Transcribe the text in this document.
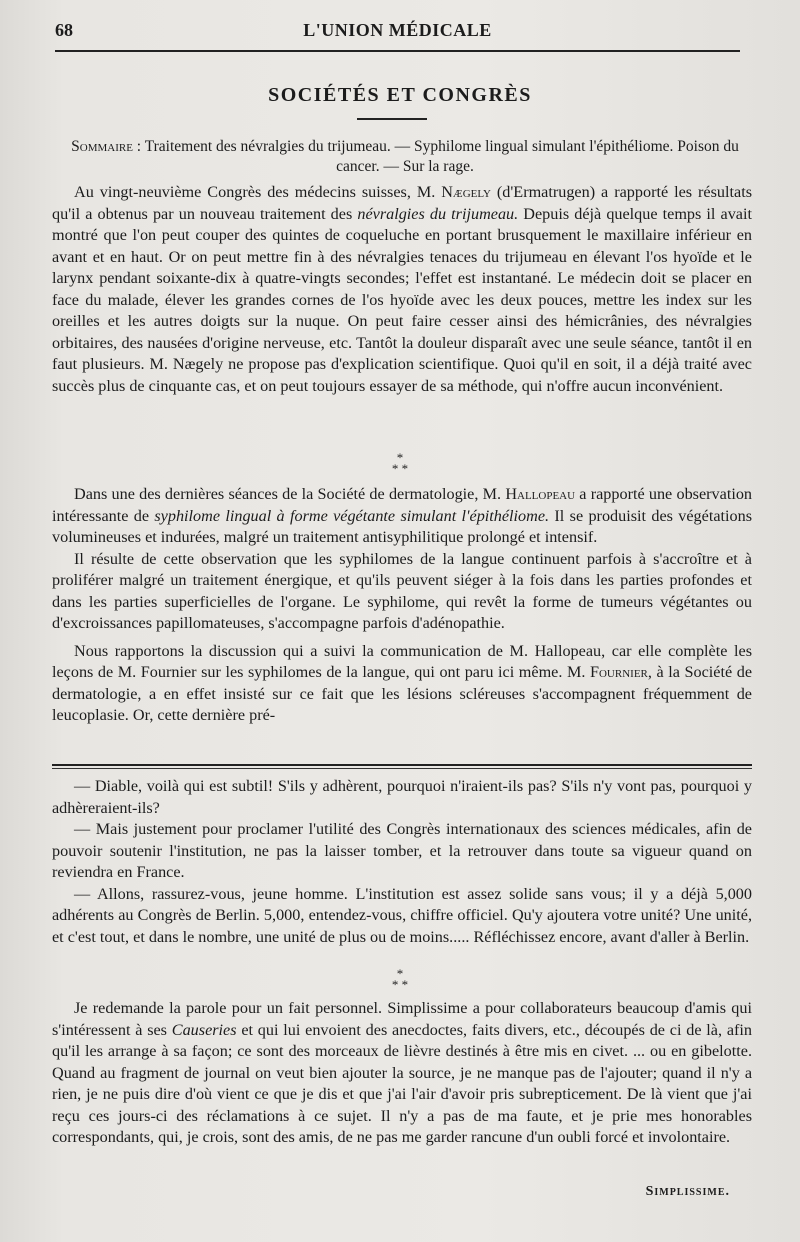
68	L'UNION MÉDICALE
SOCIÉTÉS ET CONGRÈS
Sommaire : Traitement des névralgies du trijumeau. — Syphilome lingual simulant l'épithéliome. Poison du cancer. — Sur la rage.

Au vingt-neuvième Congrès des médecins suisses, M. Nægely (d'Ermatrugen) a rapporté les résultats qu'il a obtenus par un nouveau traitement des névralgies du trijumeau. Depuis déjà quelque temps il avait montré que l'on peut couper des quintes de coqueluche en portant brusquement le maxillaire inférieur en avant et en haut. Or on peut mettre fin à des névralgies tenaces du trijumeau en élevant l'os hyoïde et le larynx pendant soixante-dix à quatre-vingts secondes; l'effet est instantané. Le médecin doit se placer en face du malade, élever les grandes cornes de l'os hyoïde avec les deux pouces, mettre les index sur les oreilles et les autres doigts sur la nuque. On peut faire cesser ainsi des hémicrânies, des névralgies orbitaires, des nausées d'origine nerveuse, etc. Tantôt la douleur disparaît avec une seule séance, tantôt il en faut plusieurs. M. Nægely ne propose pas d'explication scientifique. Quoi qu'il en soit, il a déjà traité avec succès plus de cinquante cas, et on peut toujours essayer de sa méthode, qui n'offre aucun inconvénient.

*
* *

Dans une des dernières séances de la Société de dermatologie, M. Hallopeau a rapporté une observation intéressante de syphilome lingual à forme végétante simulant l'épithéliome. Il se produisit des végétations volumineuses et indurées, malgré un traitement antisyphilitique prolongé et intensif.

Il résulte de cette observation que les syphilomes de la langue continuent parfois à s'accroître et à proliférer malgré un traitement énergique, et qu'ils peuvent siéger à la fois dans les parties profondes et dans les parties superficielles de l'organe. Le syphilome, qui revêt la forme de tumeurs végétantes ou d'excroissances papillomateuses, s'accompagne parfois d'adénopathie.

Nous rapportons la discussion qui a suivi la communication de M. Hallopeau, car elle complète les leçons de M. Fournier sur les syphilomes de la langue, qui ont paru ici même. M. Fournier, à la Société de dermatologie, a en effet insisté sur ce fait que les lésions scléreuses s'accompagnent fréquemment de leucoplasie. Or, cette dernière pré-

— Diable, voilà qui est subtil! S'ils y adhèrent, pourquoi n'iraient-ils pas? S'ils n'y vont pas, pourquoi y adhèreraient-ils?

— Mais justement pour proclamer l'utilité des Congrès internationaux des sciences médicales, afin de pouvoir soutenir l'institution, ne pas la laisser tomber, et la retrouver dans toute sa vigueur quand on reviendra en France.

— Allons, rassurez-vous, jeune homme. L'institution est assez solide sans vous; il y a déjà 5,000 adhérents au Congrès de Berlin. 5,000, entendez-vous, chiffre officiel. Qu'y ajoutera votre unité? Une unité, et c'est tout, et dans le nombre, une unité de plus ou de moins..... Réfléchissez encore, avant d'aller à Berlin.

*
* *

Je redemande la parole pour un fait personnel. Simplissime a pour collaborateurs beaucoup d'amis qui s'intéressent à ses Causeries et qui lui envoient des anecdoctes, faits divers, etc., découpés de ci de là, afin qu'il les arrange à sa façon; ce sont des morceaux de lièvre destinés à être mis en civet. ... ou en gibelotte. Quand au fragment de journal on veut bien ajouter la source, je ne manque pas de l'ajouter; quand il n'y a rien, je ne puis dire d'où vient ce que je dis et que j'ai l'air d'avoir pris subrepticement. De là vient que j'ai reçu ces jours-ci des réclamations à ce sujet. Il n'y a pas de ma faute, et je prie mes honorables correspondants, qui, je crois, sont des amis, de ne pas me garder rancune d'un oubli forcé et involontaire.

Simplissime.
